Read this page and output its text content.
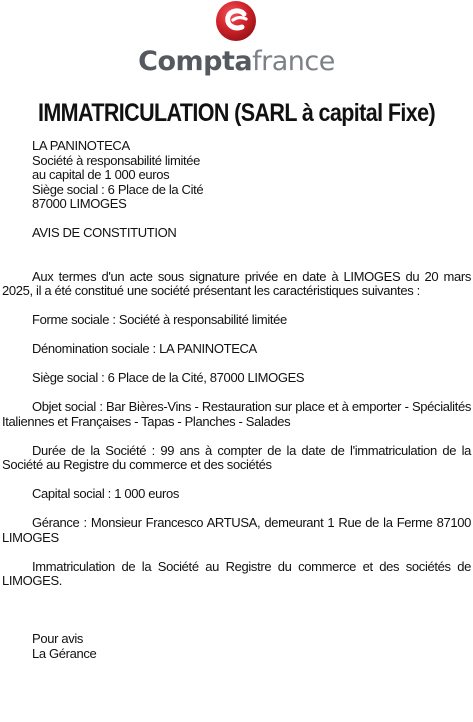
Comptafrance
IMMATRICULATION (SARL à capital Fixe)

LA PANINOTECA

Société à responsabilité limitée

au capital de 1 000 euros

Siège social : 6 Place de la Cité

87000 LIMOGES

AVIS DE CONSTITUTION

Aux termes d'un acte sous signature privée en date à LIMOGES du 20 mars 2025, il a été constitué une société présentant les caractéristiques suivantes :

Forme sociale : Société à responsabilité limitée

Dénomination sociale : LA PANINOTECA

Siège social : 6 Place de la Cité, 87000 LIMOGES

Objet social : Bar Bières-Vins - Restauration sur place et à emporter - Spécialités Italiennes et Françaises - Tapas - Planches - Salades

Durée de la Société : 99 ans à compter de la date de l'immatriculation de la Société au Registre du commerce et des sociétés

Capital social : 1 000 euros

Gérance : Monsieur Francesco ARTUSA, demeurant 1 Rue de la Ferme 87100 LIMOGES

Immatriculation de la Société au Registre du commerce et des sociétés de LIMOGES.

Pour avis

La Gérance
